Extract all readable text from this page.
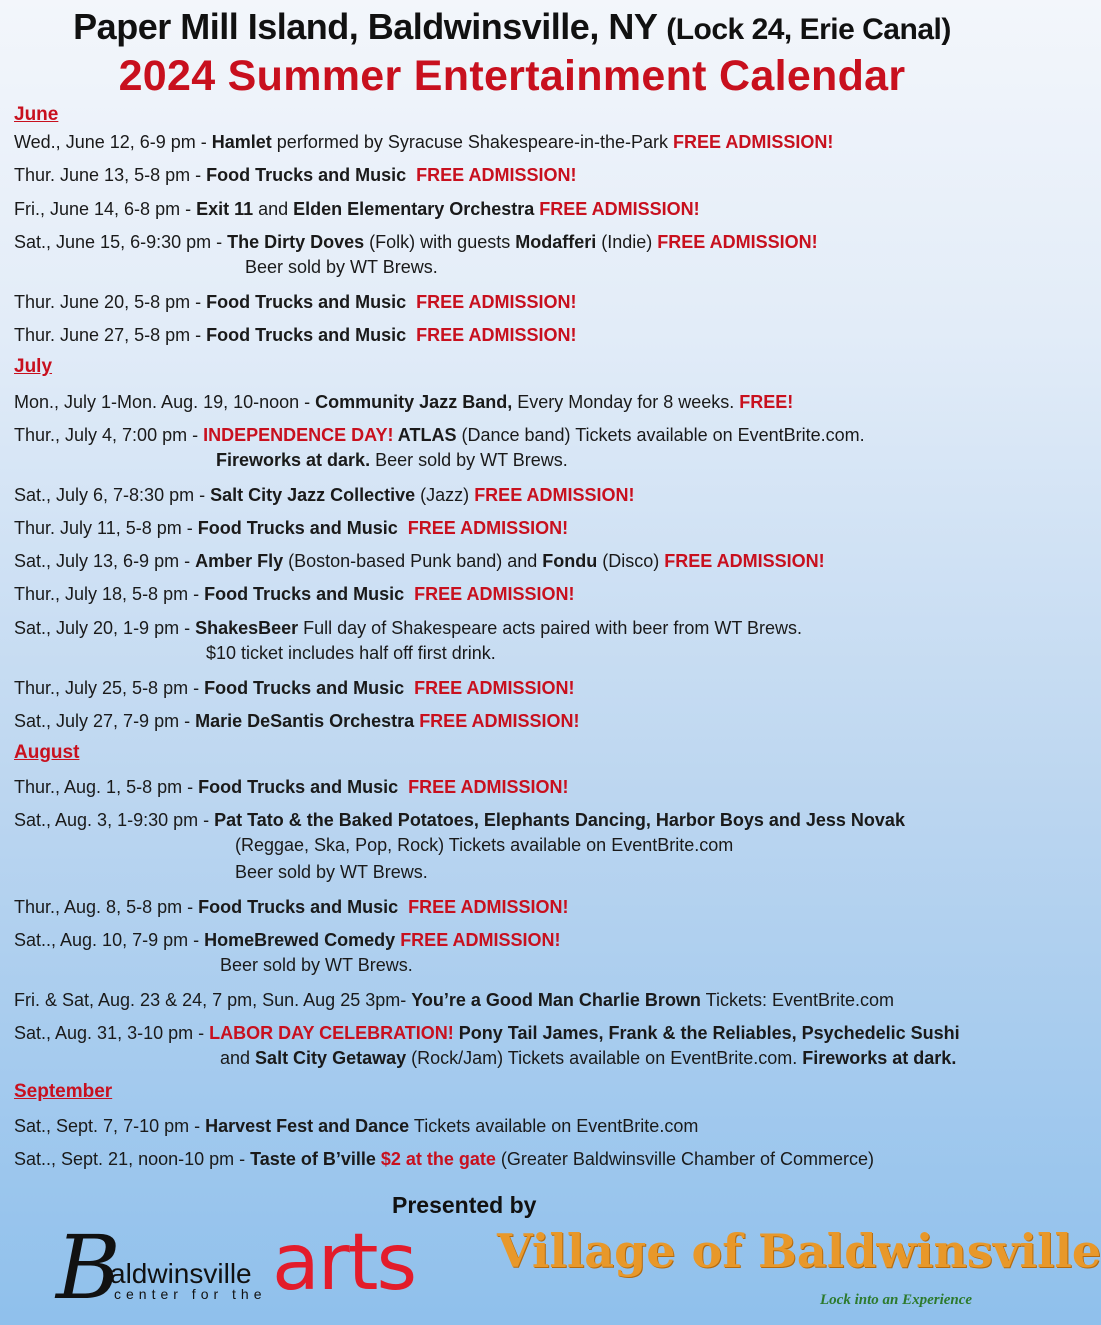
Paper Mill Island, Baldwinsville, NY (Lock 24, Erie Canal)
2024 Summer Entertainment Calendar
June
Wed., June 12, 6-9 pm - Hamlet performed by Syracuse Shakespeare-in-the-Park FREE ADMISSION!
Thur. June 13, 5-8 pm - Food Trucks and Music FREE ADMISSION!
Fri., June 14, 6-8 pm - Exit 11 and Elden Elementary Orchestra FREE ADMISSION!
Sat., June 15, 6-9:30 pm - The Dirty Doves (Folk) with guests Modafferi (Indie) FREE ADMISSION!
Beer sold by WT Brews.
Thur. June 20, 5-8 pm - Food Trucks and Music FREE ADMISSION!
Thur. June 27, 5-8 pm - Food Trucks and Music FREE ADMISSION!
July
Mon., July 1-Mon. Aug. 19, 10-noon - Community Jazz Band, Every Monday for 8 weeks. FREE!
Thur., July 4, 7:00 pm - INDEPENDENCE DAY! ATLAS (Dance band) Tickets available on EventBrite.com.
Fireworks at dark. Beer sold by WT Brews.
Sat., July 6, 7-8:30 pm - Salt City Jazz Collective (Jazz) FREE ADMISSION!
Thur. July 11, 5-8 pm - Food Trucks and Music FREE ADMISSION!
Sat., July 13, 6-9 pm - Amber Fly (Boston-based Punk band) and Fondu (Disco) FREE ADMISSION!
Thur., July 18, 5-8 pm - Food Trucks and Music FREE ADMISSION!
Sat., July 20, 1-9 pm - ShakesBeer Full day of Shakespeare acts paired with beer from WT Brews.
$10 ticket includes half off first drink.
Thur., July 25, 5-8 pm - Food Trucks and Music FREE ADMISSION!
Sat., July 27, 7-9 pm - Marie DeSantis Orchestra FREE ADMISSION!
August
Thur., Aug. 1, 5-8 pm - Food Trucks and Music FREE ADMISSION!
Sat., Aug. 3, 1-9:30 pm - Pat Tato & the Baked Potatoes, Elephants Dancing, Harbor Boys and Jess Novak
(Reggae, Ska, Pop, Rock) Tickets available on EventBrite.com
Beer sold by WT Brews.
Thur., Aug. 8, 5-8 pm - Food Trucks and Music FREE ADMISSION!
Sat.., Aug. 10, 7-9 pm - HomeBrewed Comedy FREE ADMISSION!
Beer sold by WT Brews.
Fri. & Sat, Aug. 23 & 24, 7 pm, Sun. Aug 25 3pm- You’re a Good Man Charlie Brown Tickets: EventBrite.com
Sat., Aug. 31, 3-10 pm - LABOR DAY CELEBRATION! Pony Tail James, Frank & the Reliables, Psychedelic Sushi
and Salt City Getaway (Rock/Jam) Tickets available on EventBrite.com. Fireworks at dark.
September
Sat., Sept. 7, 7-10 pm - Harvest Fest and Dance Tickets available on EventBrite.com
Sat.., Sept. 21, noon-10 pm - Taste of B’ville $2 at the gate (Greater Baldwinsville Chamber of Commerce)
Presented by
B
aldwinsville arts
center for the
Village of Baldwinsville
Lock into an Experience
